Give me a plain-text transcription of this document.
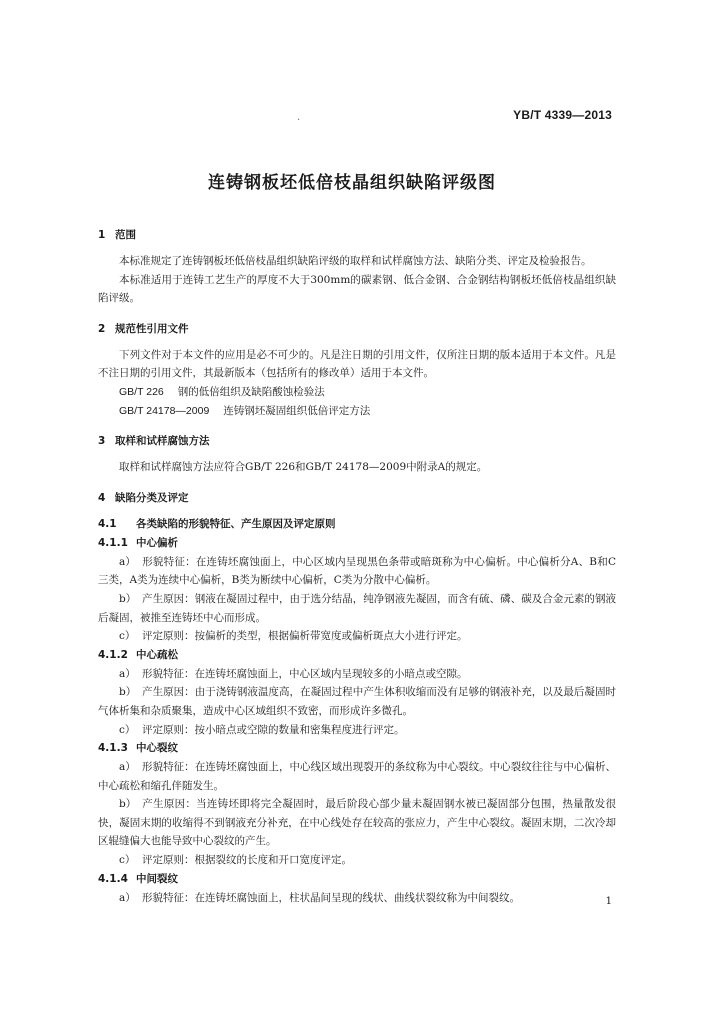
.	YB/T 4339—2013
连铸钢板坯低倍枝晶组织缺陷评级图
1 范围

本标准规定了连铸钢板坯低倍枝晶组织缺陷评级的取样和试样腐蚀方法、缺陷分类、评定及检验报告。

本标准适用于连铸工艺生产的厚度不大于300mm的碳素钢、低合金钢、合金钢结构钢板坯低倍枝晶组织缺陷评级。

2 规范性引用文件

下列文件对于本文件的应用是必不可少的。凡是注日期的引用文件，仅所注日期的版本适用于本文件。凡是不注日期的引用文件，其最新版本（包括所有的修改单）适用于本文件。

GB/T 226 钢的低倍组织及缺陷酸蚀检验法

GB/T 24178—2009 连铸钢坯凝固组织低倍评定方法

3 取样和试样腐蚀方法

取样和试样腐蚀方法应符合GB/T 226和GB/T 24178—2009中附录A的规定。

4 缺陷分类及评定
4.1 各类缺陷的形貌特征、产生原因及评定原则
4.1.1 中心偏析

a） 形貌特征：在连铸坯腐蚀面上，中心区域内呈现黑色条带或暗斑称为中心偏析。中心偏析分A、B和C三类，A类为连续中心偏析，B类为断续中心偏析，C类为分散中心偏析。

b） 产生原因：钢液在凝固过程中，由于选分结晶，纯净钢液先凝固，而含有硫、磷、碳及合金元素的钢液后凝固，被推至连铸坯中心而形成。

c） 评定原则：按偏析的类型，根据偏析带宽度或偏析斑点大小进行评定。

4.1.2 中心疏松

a） 形貌特征：在连铸坯腐蚀面上，中心区域内呈现较多的小暗点或空隙。

b） 产生原因：由于浇铸钢液温度高，在凝固过程中产生体积收缩而没有足够的钢液补充，以及最后凝固时气体析集和杂质聚集，造成中心区域组织不致密，而形成许多微孔。

c） 评定原则：按小暗点或空隙的数量和密集程度进行评定。

4.1.3 中心裂纹

a） 形貌特征：在连铸坯腐蚀面上，中心线区域出现裂开的条纹称为中心裂纹。中心裂纹往往与中心偏析、中心疏松和缩孔伴随发生。

b） 产生原因：当连铸坯即将完全凝固时，最后阶段心部少量未凝固钢水被已凝固部分包围，热量散发很快，凝固末期的收缩得不到钢液充分补充，在中心线处存在较高的张应力，产生中心裂纹。凝固末期，二次冷却区辊缝偏大也能导致中心裂纹的产生。

c） 评定原则：根据裂纹的长度和开口宽度评定。

4.1.4 中间裂纹

a） 形貌特征：在连铸坯腐蚀面上，柱状晶间呈现的线状、曲线状裂纹称为中间裂纹。	1
